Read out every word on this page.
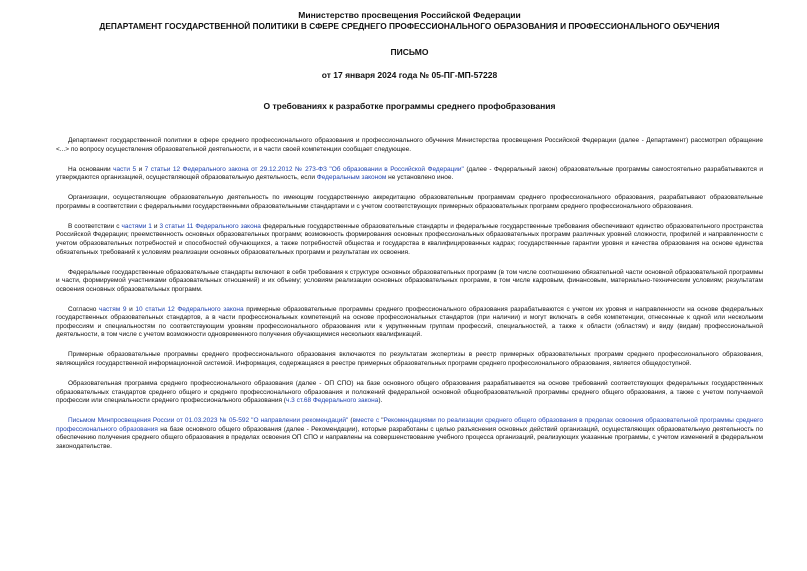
Министерство просвещения Российской Федерации
ДЕПАРТАМЕНТ ГОСУДАРСТВЕННОЙ ПОЛИТИКИ В СФЕРЕ СРЕДНЕГО ПРОФЕССИОНАЛЬНОГО ОБРАЗОВАНИЯ И ПРОФЕССИОНАЛЬНОГО ОБУЧЕНИЯ
ПИСЬМО
от 17 января 2024 года № 05-ПГ-МП-57228
О требованиях к разработке программы среднего профобразования

Департамент государственной политики в сфере среднего профессионального образования и профессионального обучения Министерства просвещения Российской Федерации (далее - Департамент) рассмотрел обращение <...> по вопросу осуществления образовательной деятельности, и в части своей компетенции сообщает следующее.

На основании части 5 и 7 статьи 12 Федерального закона от 29.12.2012 № 273-ФЗ "Об образовании в Российской Федерации" (далее - Федеральный закон) образовательные программы самостоятельно разрабатываются и утверждаются организацией, осуществляющей образовательную деятельность, если Федеральным законом не установлено иное.

Организации, осуществляющие образовательную деятельность по имеющим государственную аккредитацию образовательным программам среднего профессионального образования, разрабатывают образовательные программы в соответствии с федеральными государственными образовательными стандартами и с учетом соответствующих примерных образовательных программ среднего профессионального образования.

В соответствии с частями 1 и 3 статьи 11 Федерального закона федеральные государственные образовательные стандарты и федеральные государственные требования обеспечивают единство образовательного пространства Российской Федерации; преемственность основных образовательных программ; возможность формирования основных профессиональных образовательных программ различных уровней сложности, профилей и направленности с учетом образовательных потребностей и способностей обучающихся, а также потребностей общества и государства в квалифицированных кадрах; государственные гарантии уровня и качества образования на основе единства обязательных требований к условиям реализации основных образовательных программ и результатам их освоения.

Федеральные государственные образовательные стандарты включают в себя требования к структуре основных образовательных программ (в том числе соотношению обязательной части основной образовательной программы и части, формируемой участниками образовательных отношений) и их объему; условиям реализации основных образовательных программ, в том числе кадровым, финансовым, материально-техническим условиям; результатам освоения основных образовательных программ.

Согласно частям 9 и 10 статьи 12 Федерального закона примерные образовательные программы среднего профессионального образования разрабатываются с учетом их уровня и направленности на основе федеральных государственных образовательных стандартов, а в части профессиональных компетенций на основе профессиональных стандартов (при наличии) и могут включать в себя компетенции, отнесенные к одной или нескольким профессиям и специальностям по соответствующим уровням профессионального образования или к укрупненным группам профессий, специальностей, а также к области (областям) и виду (видам) профессиональной деятельности, в том числе с учетом возможности одновременного получения обучающимися нескольких квалификаций.

Примерные образовательные программы среднего профессионального образования включаются по результатам экспертизы в реестр примерных образовательных программ среднего профессионального образования, являющийся государственной информационной системой. Информация, содержащаяся в реестре примерных образовательных программ среднего профессионального образования, является общедоступной.

Образовательная программа среднего профессионального образования (далее - ОП СПО) на базе основного общего образования разрабатывается на основе требований соответствующих федеральных государственных образовательных стандартов среднего общего и среднего профессионального образования и положений федеральной основной общеобразовательной программы среднего общего образования, а также с учетом получаемой профессии или специальности среднего профессионального образования (ч.3 ст.68 Федерального закона).

Письмом Минпросвещения России от 01.03.2023 № 05-592 "О направлении рекомендаций" (вместе с "Рекомендациями по реализации среднего общего образования в пределах освоения образовательной программы среднего профессионального образования на базе основного общего образования (далее - Рекомендации), которые разработаны с целью разъяснения основных действий организаций, осуществляющих образовательную деятельность по обеспечению получения среднего общего образования в пределах освоения ОП СПО и направлены на совершенствование учебного процесса организаций, реализующих указанные программы, с учетом изменений в федеральном законодательстве.
